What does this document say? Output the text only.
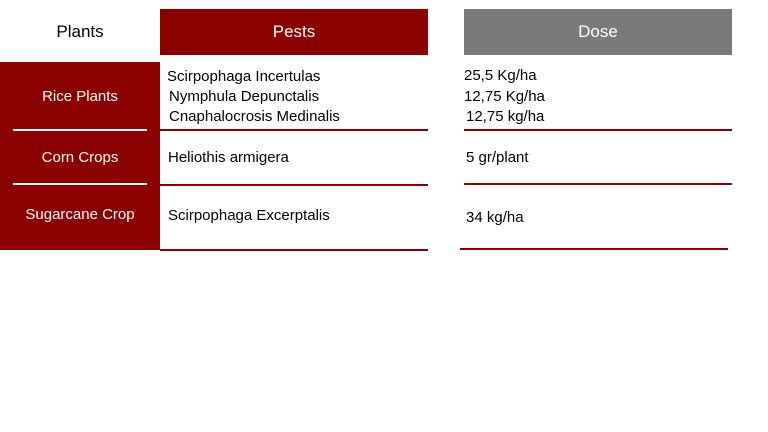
Plants	Pests	Dose
Rice Plants
Corn Crops
Sugarcane Crop
Scirpophaga Incertulas
Nymphula Depunctalis
Cnaphalocrosis Medinalis
Heliothis armigera
Scirpophaga Excerptalis
25,5 Kg/ha
12,75 Kg/ha
12,75 kg/ha
5 gr/plant
34 kg/ha
